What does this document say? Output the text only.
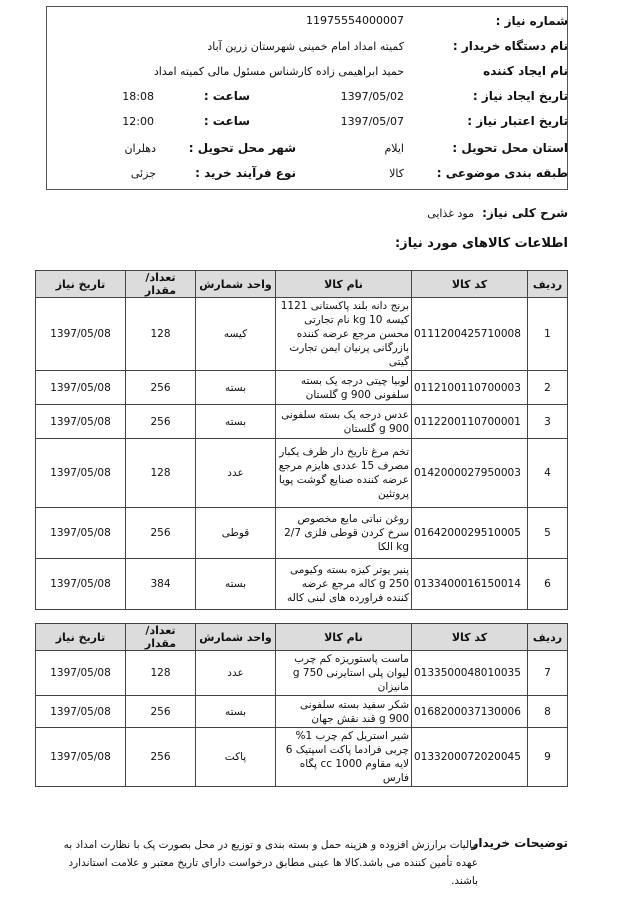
شماره نیاز :
11975554000007
نام دستگاه خریدار :
کمیته امداد امام خمینی شهرستان زرین آباد
نام ایجاد کننده
حمید ابراهیمی زاده کارشناس مسئول مالی کمیته امداد
تاریخ ایجاد نیاز :
1397/05/02
ساعت :
18:08
تاریخ اعتبار نیاز :
1397/05/07
ساعت :
12:00
استان محل تحویل :
ایلام
شهر محل تحویل :
دهلران
طبقه بندی موضوعی :
کالا
نوع فرآیند خرید :
جزئی
شرح کلی نیاز:
مود غذایی
اطلاعات کالاهای مورد نیاز:
ردیف	کد کالا	نام کالا	واحد شمارش	تعداد/ مقدار	تاریخ نیاز
1	0111200425710008	برنج دانه بلند پاکستانی 1121 کیسه 10 kg نام تجارتی محسن مرجع عرضه کننده بازرگانی پرنیان ایمن تجارت گیتی	کیسه	128	1397/05/08
2	0112100110700003	لوبیا چیتی درجه یک بسته سلفونی 900 g گلستان	بسته	256	1397/05/08
3	0112200110700001	عدس درجه یک بسته سلفونی 900 g گلستان	بسته	256	1397/05/08
4	0142000027950003	تخم مرغ تاریخ دار ظرف یکبار مصرف 15 عددی هایزم مرجع عرضه کننده صنایع گوشت پویا پروتئین	عدد	128	1397/05/08
5	0164200029510005	روغن نباتی مایع مخصوص سرخ کردن قوطی فلزی 2/7 kg الکا	قوطی	256	1397/05/08
6	0133400016150014	پنیر یوتر کیزه بسته وکیومی 250 g کاله مرجع عرضه کننده فراورده های لبنی کاله	بسته	384	1397/05/08
ردیف	کد کالا	نام کالا	واحد شمارش	تعداد/ مقدار	تاریخ نیاز
7	0133500048010035	ماست پاستوریزه کم چرب لیوان پلی استایرنی 750 g مانیزان	عدد	128	1397/05/08
8	0168200037130006	شکر سفید بسته سلفونی 900 g قند نقش جهان	بسته	256	1397/05/08
9	0133200072020045	شیر استریل کم چرب 1% چربی فرادما پاکت اسپتیک 6 لایه مقاوم 1000 cc پگاه فارس	پاکت	256	1397/05/08
توضیحات خریدار
مالیات برارزش افزوده و هزینه حمل و بسته بندی و توزیع در محل بصورت پک با نظارت امداد به عهده تأمین کننده می باشد.کالا ها عینی مطابق درخواست دارای تاریخ معتبر و علامت استاندارد باشند.
